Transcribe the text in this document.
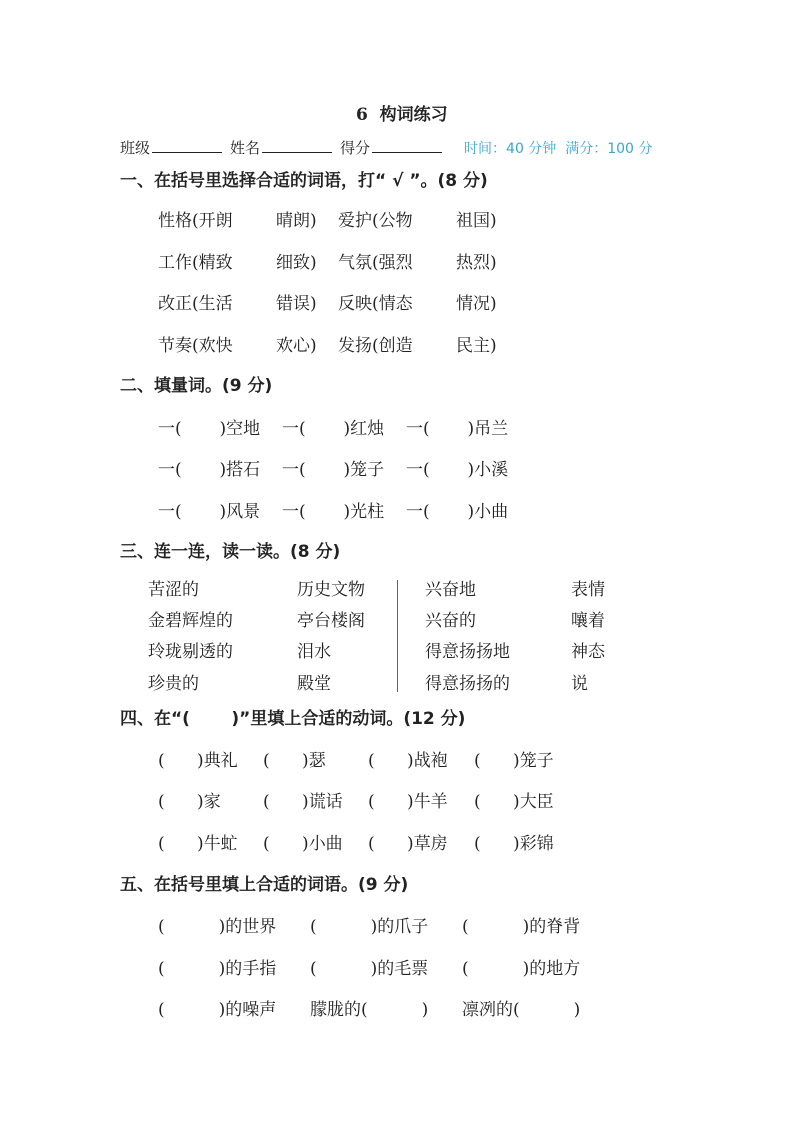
6  构词练习
班级	姓名	得分	时间：40 分钟  满分：100 分
一、在括号里选择合适的词语，打“ √ ”。(8 分)
性格(开朗	晴朗)	爱护(公物	祖国)
工作(精致	细致)	气氛(强烈	热烈)
改正(生活	错误)	反映(情态	情况)
节奏(欢快	欢心)	发扬(创造	民主)
二、填量词。(9 分)
一(       )空地	一(       )红烛	一(       )吊兰
一(       )搭石	一(       )笼子	一(       )小溪
一(       )风景	一(       )光柱	一(       )小曲
三、连一连，读一读。(8 分)
苦涩的	历史文物	兴奋地	表情
金碧辉煌的	亭台楼阁	兴奋的	嚷着
玲珑剔透的	泪水	得意扬扬地	神态
珍贵的	殿堂	得意扬扬的	说
四、在“(       )”里填上合适的动词。(12 分)
(      )典礼	(      )瑟	(      )战袍	(      )笼子
(      )家	(      )谎话	(      )牛羊	(      )大臣
(      )牛虻	(      )小曲	(      )草房	(      )彩锦
五、在括号里填上合适的词语。(9 分)
(          )的世界	(          )的爪子	(          )的脊背
(          )的手指	(          )的毛票	(          )的地方
(          )的噪声	朦胧的(          )	凛冽的(          )
